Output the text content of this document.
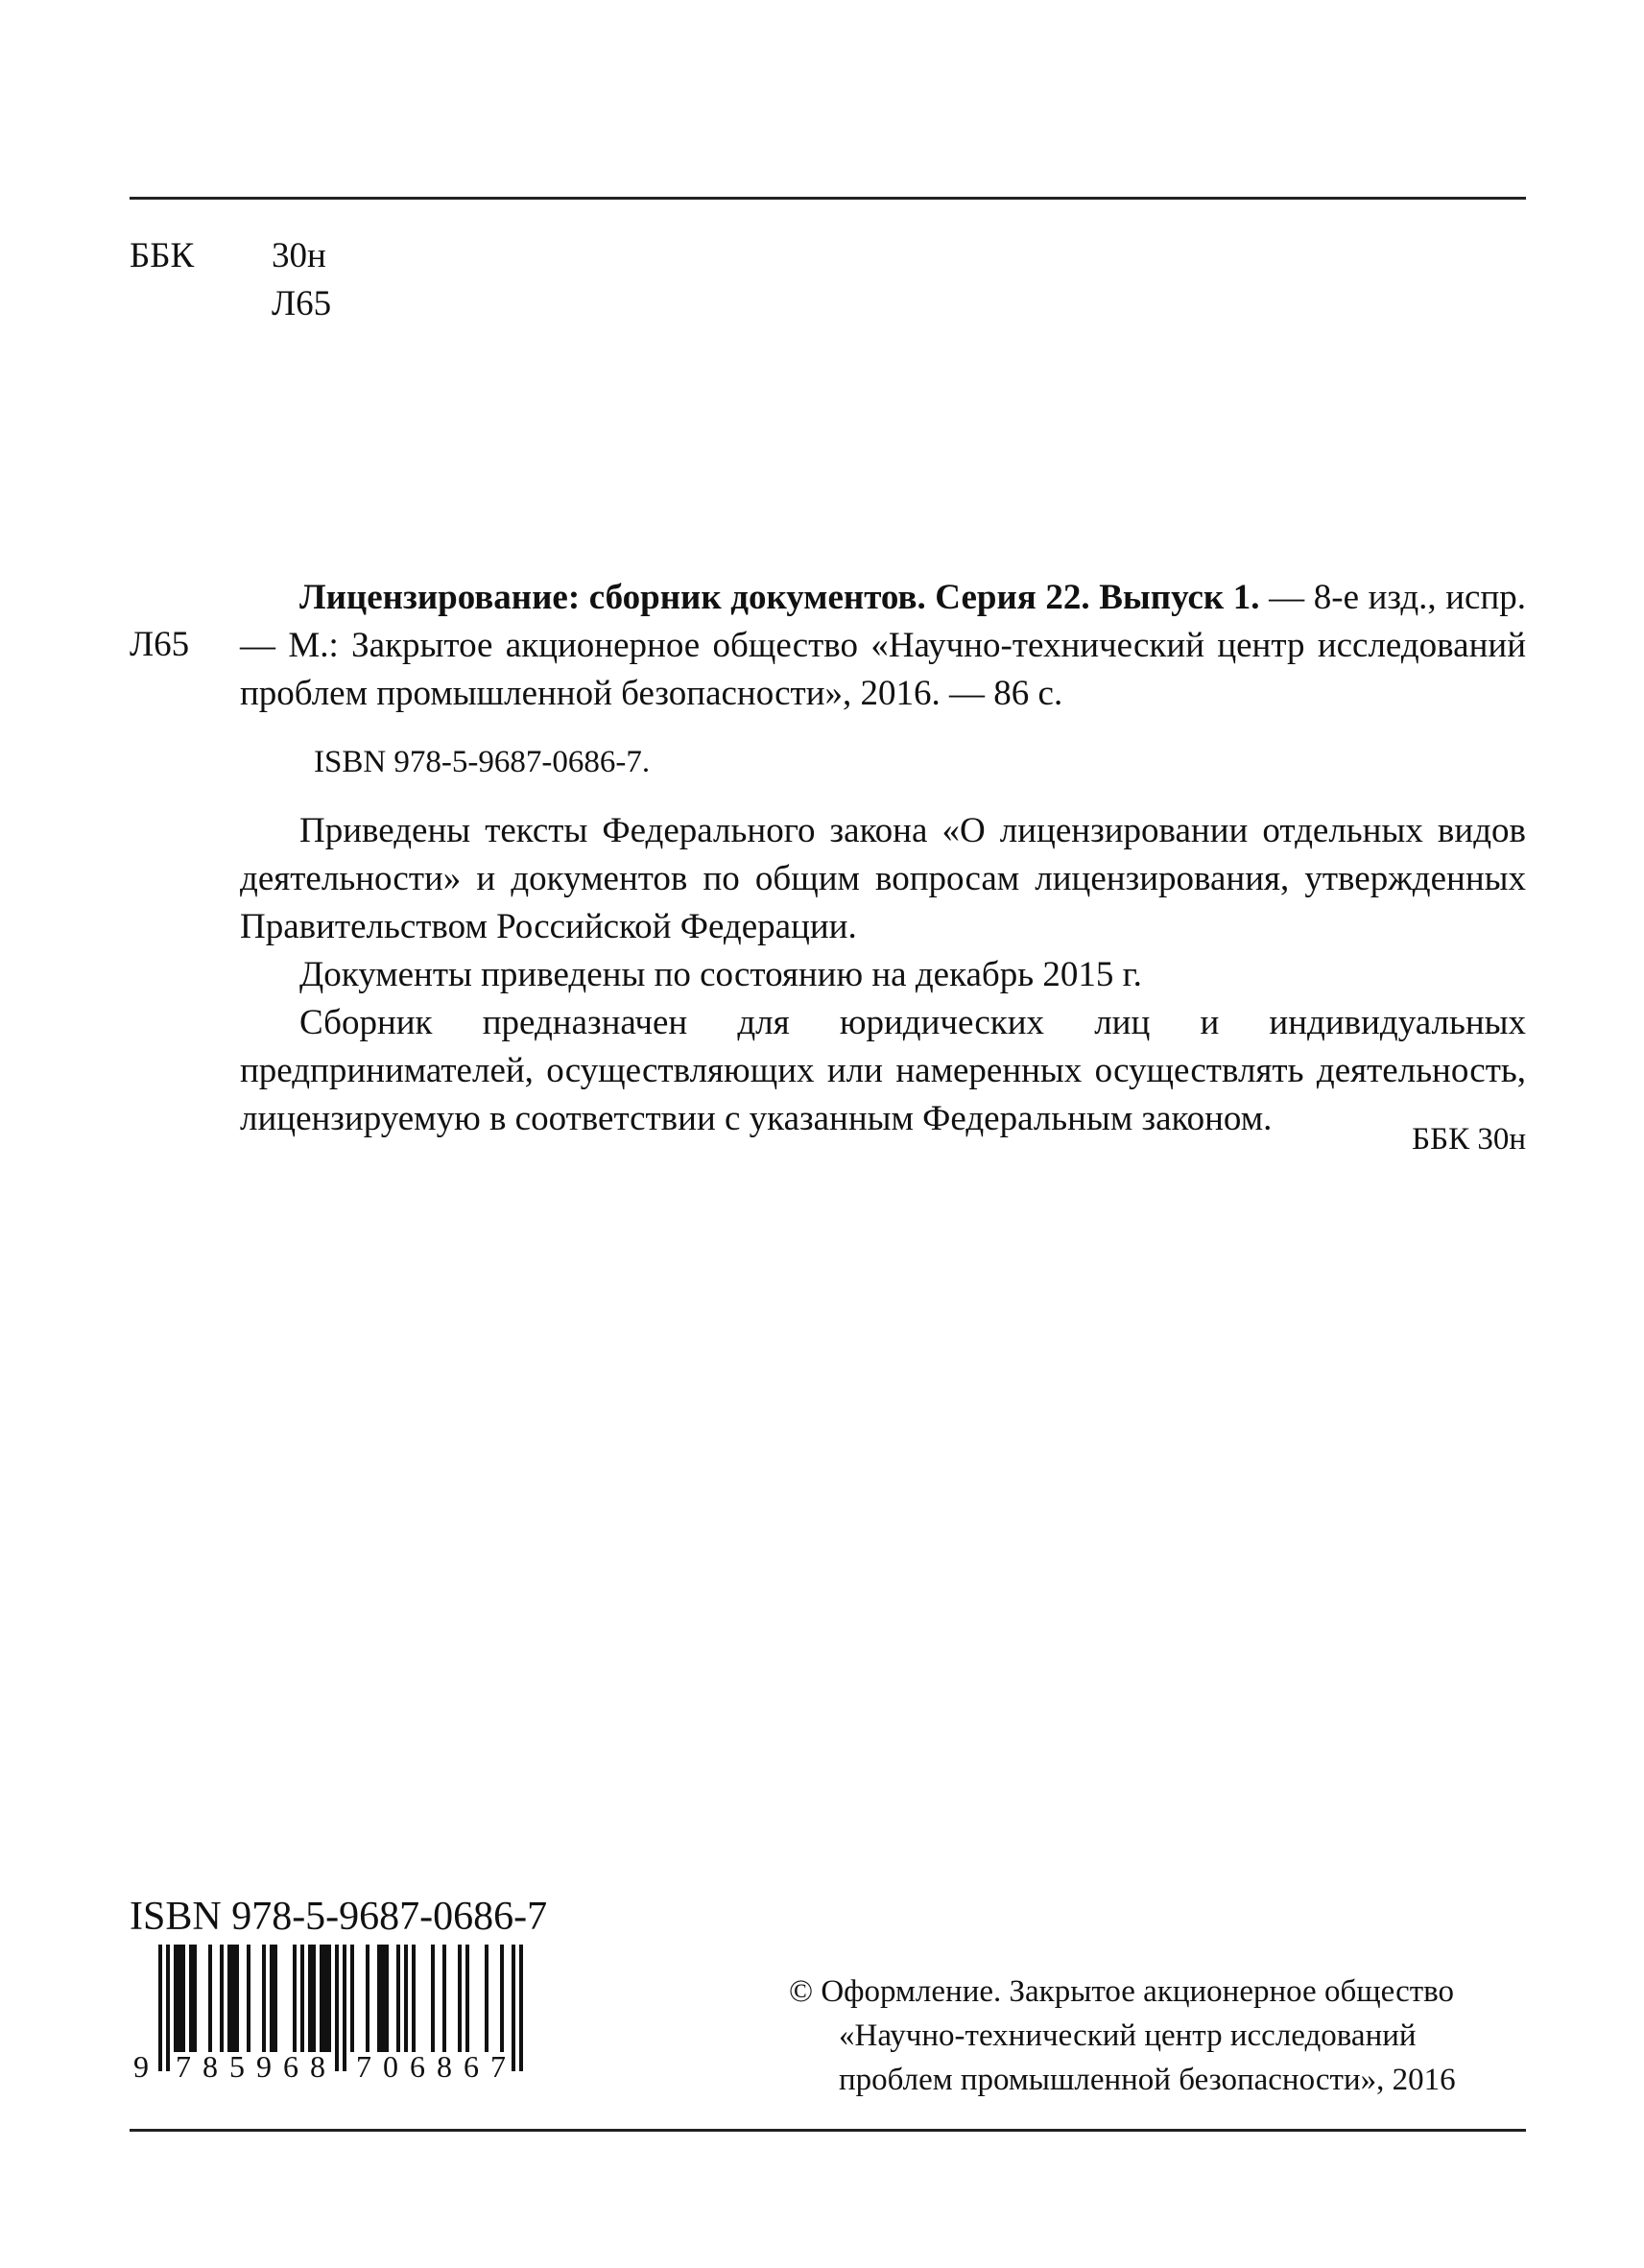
ББК 30н
Л65
Л65

Лицензирование: сборник документов. Серия 22. Выпуск 1. — 8-е изд., испр. — М.: Закрытое акционерное общество «Научно-технический центр исследований проблем промышленной безопасности», 2016. — 86 с.

ISBN 978-5-9687-0686-7.

Приведены тексты Федерального закона «О лицензировании отдельных видов деятельности» и документов по общим вопросам лицензирования, утвержденных Правительством Российской Федерации.

Документы приведены по состоянию на декабрь 2015 г.

Сборник предназначен для юридических лиц и индивидуальных предпринимателей, осуществляющих или намеренных осуществлять деятельность, лицензируемую в соответствии с указанным Федеральным законом.

ББК 30н
ISBN 978-5-9687-0686-7
9 7 8 5 9 6 8 7 0 6 8 6 7
© Оформление. Закрытое акционерное общество
«Научно-технический центр исследований
проблем промышленной безопасности», 2016
